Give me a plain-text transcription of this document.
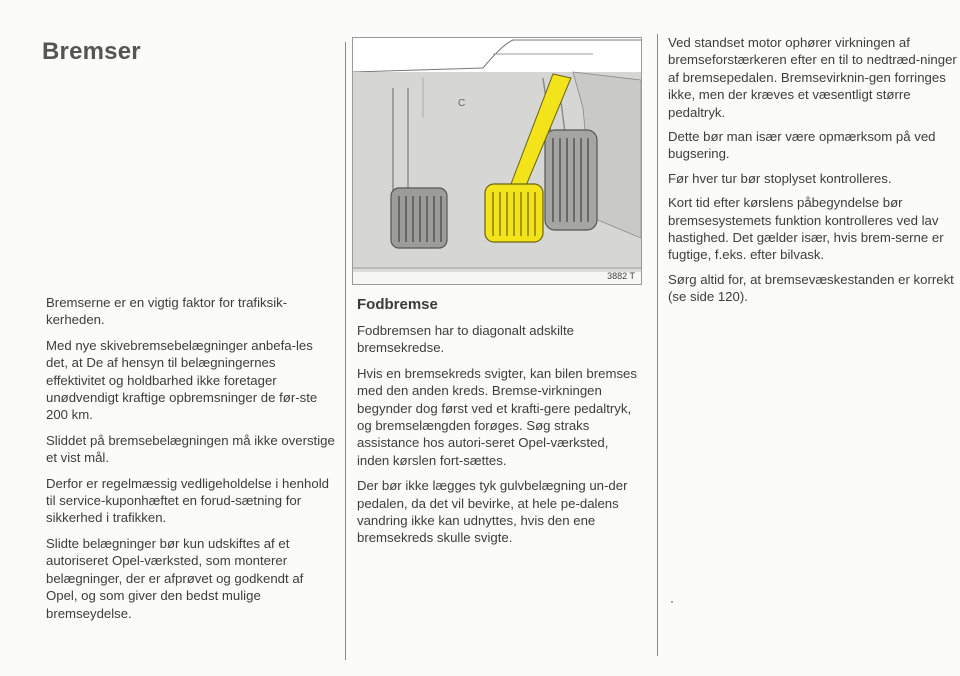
Bremser

Bremserne er en vigtig faktor for trafiksik-kerheden.

Med nye skivebremsebelægninger anbefa-les det, at De af hensyn til belægningernes effektivitet og holdbarhed ikke foretager unødvendigt kraftige opbremsninger de før-ste 200 km.

Sliddet på bremsebelægningen må ikke overstige et vist mål.

Derfor er regelmæssig vedligeholdelse i henhold til service-kuponhæftet en forud-sætning for sikkerhed i trafikken.

Slidte belægninger bør kun udskiftes af et autoriseret Opel-værksted, som monterer belægninger, der er afprøvet og godkendt af Opel, og som giver den bedst mulige bremseydelse.

C
3882 T
Fodbremse

Fodbremsen har to diagonalt adskilte bremsekredse.

Hvis en bremsekreds svigter, kan bilen bremses med den anden kreds. Bremse-virkningen begynder dog først ved et krafti-gere pedaltryk, og bremselængden forøges. Søg straks assistance hos autori-seret Opel-værksted, inden kørslen fort-sættes.

Der bør ikke lægges tyk gulvbelægning un-der pedalen, da det vil bevirke, at hele pe-dalens vandring ikke kan udnyttes, hvis den ene bremsekreds skulle svigte.

Ved standset motor ophører virkningen af bremseforstærkeren efter en til to nedtræd-ninger af bremsepedalen. Bremsevirknin-gen forringes ikke, men der kræves et væsentligt større pedaltryk.

Dette bør man især være opmærksom på ved bugsering.

Før hver tur bør stoplyset kontrolleres.

Kort tid efter kørslens påbegyndelse bør bremsesystemets funktion kontrolleres ved lav hastighed. Det gælder især, hvis brem-serne er fugtige, f.eks. efter bilvask.

Sørg altid for, at bremsevæskestanden er korrekt (se side 120).
